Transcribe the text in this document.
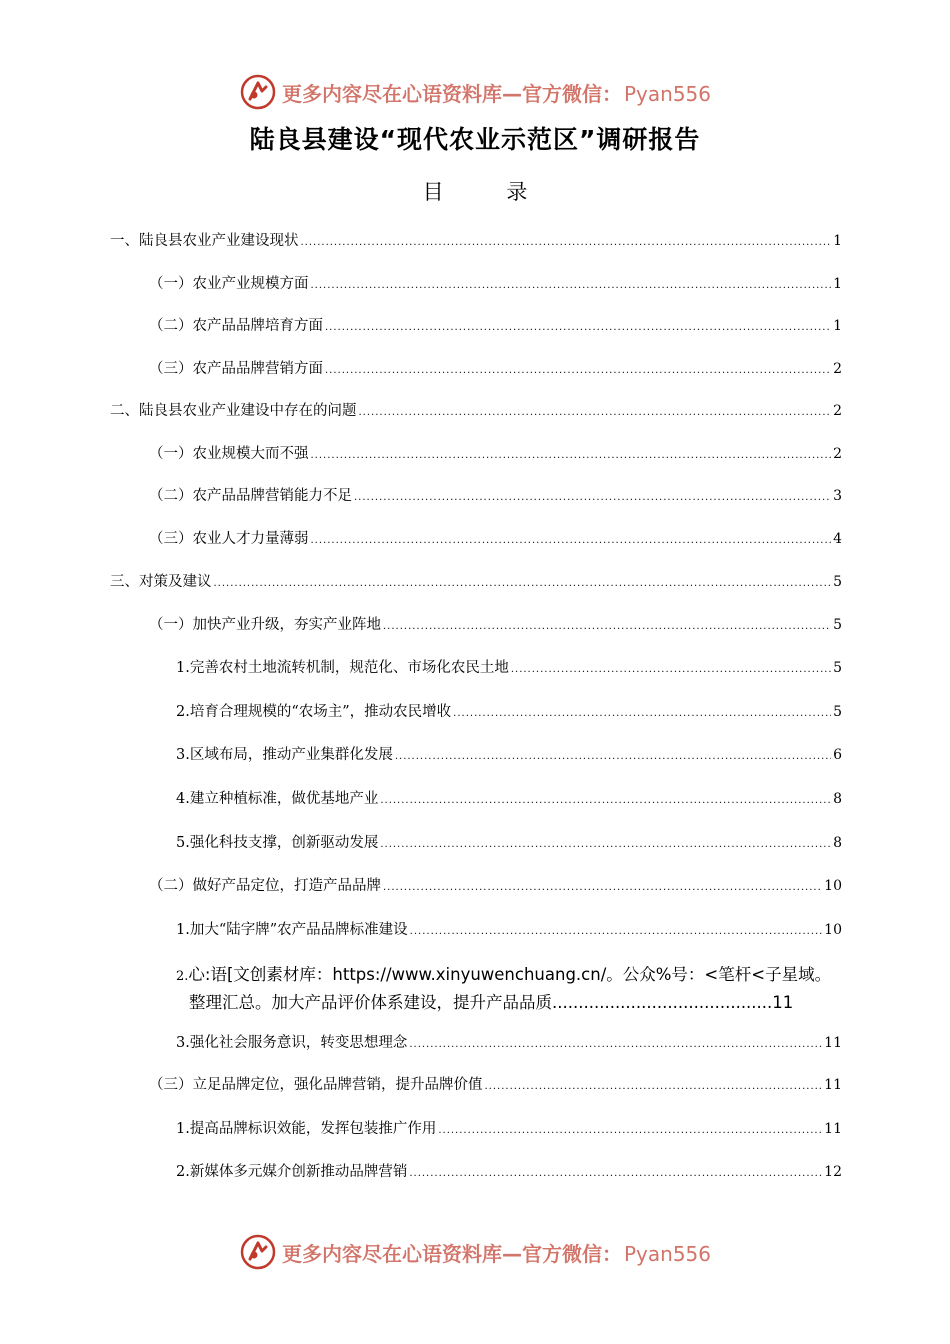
更多内容尽在心语资料库—官方微信： Pyan556
陆良县建设“现代农业示范区”调研报告
目 录
一、陆良县农业产业建设现状 .....	1
（一）农业产业规模方面 .....	1
（二）农产品品牌培育方面 .....	1
（三）农产品品牌营销方面 .....	2
二、陆良县农业产业建设中存在的问题 .....	2
（一）农业规模大而不强 .....	2
（二）农产品品牌营销能力不足 .....	3
（三）农业人才力量薄弱 .....	4
三、对策及建议 .....	5
（一）加快产业升级，夯实产业阵地 .....	5
1.完善农村土地流转机制，规范化、市场化农民土地 .....	5
2.培育合理规模的“农场主”，推动农民增收 .....	5
3.区域布局，推动产业集群化发展 .....	6
4.建立种植标准，做优基地产业 .....	8
5.强化科技支撑，创新驱动发展 .....	8
（二）做好产品定位，打造产品品牌 .....	10
1.加大“陆字牌”农产品品牌标准建设 .....	10
2.心:语[文创素材库：https://www.xinyuwenchuang.cn/。公众%号：<笔杆<子星域。
整理汇总。加大产品评价体系建设，提升产品品质..........................................11
3.强化社会服务意识，转变思想理念 .....	11
（三）立足品牌定位，强化品牌营销，提升品牌价值 .....	11
1.提高品牌标识效能，发挥包装推广作用 .....	11
2.新媒体多元媒介创新推动品牌营销 .....	12
更多内容尽在心语资料库—官方微信： Pyan556
